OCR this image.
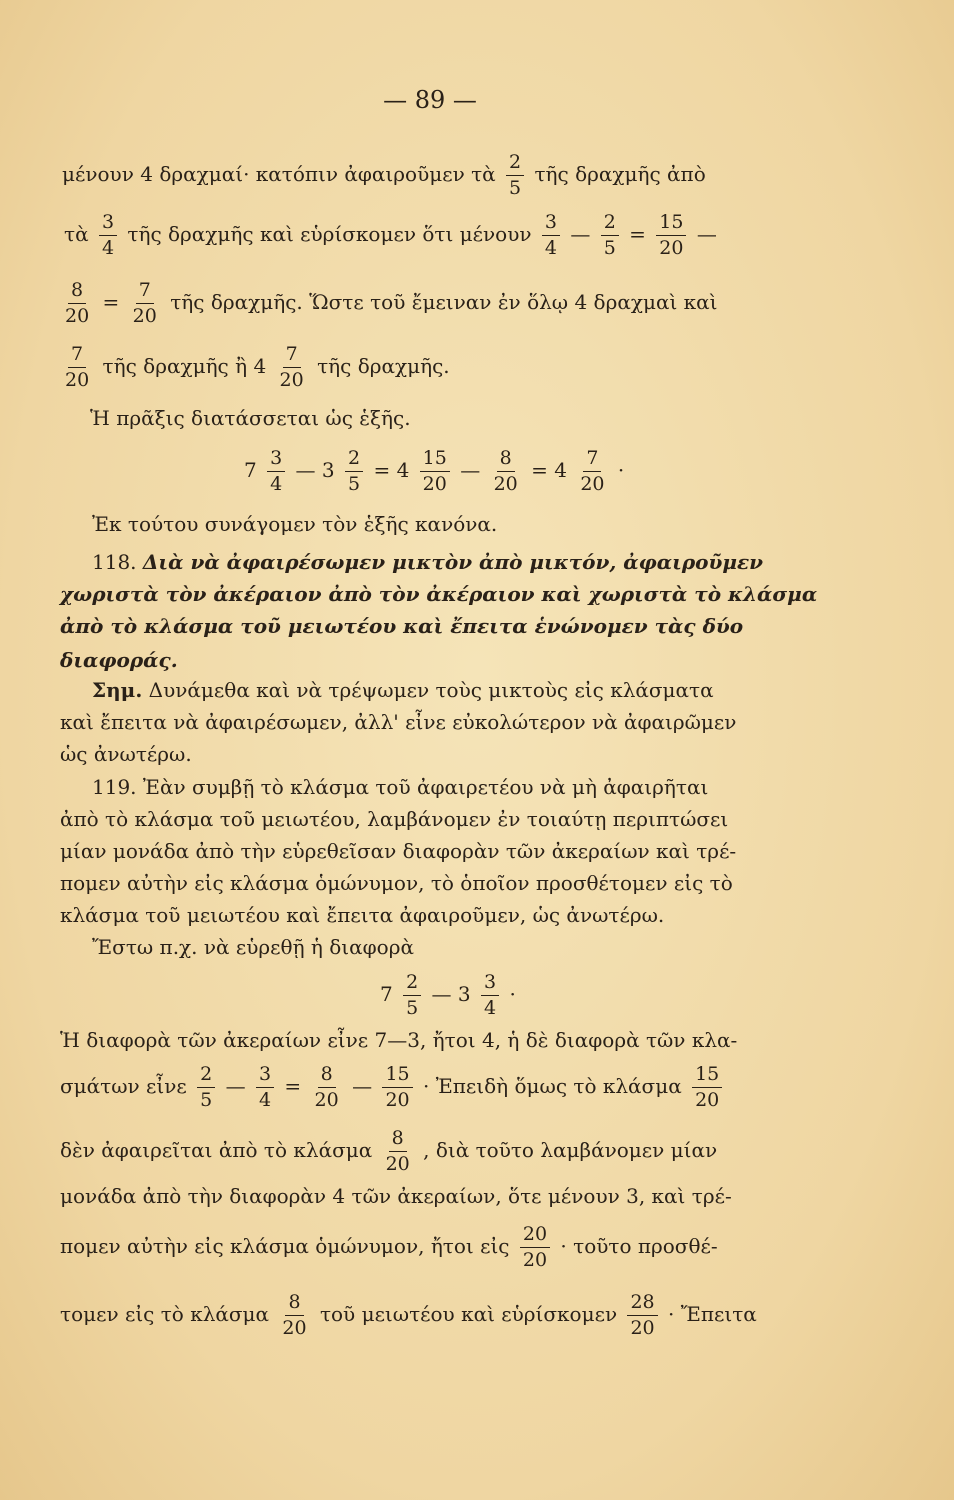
— 89 —
μένουν 4 δραχμαί· κατόπιν ἀφαιροῦμεν τὰ $\frac{2}{5}$ τῆς δραχμῆς ἀπὸ
τὰ $\frac{3}{4}$ τῆς δραχμῆς καὶ εὑρίσκομεν ὅτι μένουν $\frac{3}{4}$ — $\frac{2}{5} = \frac{15}{20}$ —
$\frac{8}{20} = \frac{7}{20}$ τῆς δραχμῆς. Ὥστε τοῦ ἔμειναν ἐν ὅλῳ 4 δραχμαὶ καὶ
$\frac{7}{20}$ τῆς δραχμῆς ἢ $4 \frac{7}{20}$ τῆς δραχμῆς.
Ἡ πρᾶξις διατάσσεται ὡς ἑξῆς.
$7 \frac{3}{4}$ — $3 \frac{2}{5} = 4 \frac{15}{20}$ — $\frac{8}{20} = 4 \frac{7}{20}$ ·
Ἐκ τούτου συνάγομεν τὸν ἑξῆς κανόνα.
118. Διὰ νὰ ἀφαιρέσωμεν μικτὸν ἀπὸ μικτόν, ἀφαιροῦμεν
χωριστὰ τὸν ἀκέραιον ἀπὸ τὸν ἀκέραιον καὶ χωριστὰ τὸ κλάσμα
ἀπὸ τὸ κλάσμα τοῦ μειωτέου καὶ ἔπειτα ἑνώνομεν τὰς δύο
διαφοράς.
Σημ. Δυνάμεθα καὶ νὰ τρέψωμεν τοὺς μικτοὺς εἰς κλάσματα
καὶ ἔπειτα νὰ ἀφαιρέσωμεν, ἀλλ' εἶνε εὐκολώτερον νὰ ἀφαιρῶμεν
ὡς ἀνωτέρω.
119. Ἐὰν συμβῇ τὸ κλάσμα τοῦ ἀφαιρετέου νὰ μὴ ἀφαιρῆται
ἀπὸ τὸ κλάσμα τοῦ μειωτέου, λαμβάνομεν ἐν τοιαύτῃ περιπτώσει
μίαν μονάδα ἀπὸ τὴν εὑρεθεῖσαν διαφορὰν τῶν ἀκεραίων καὶ τρέ-
πομεν αὐτὴν εἰς κλάσμα ὁμώνυμον, τὸ ὁποῖον προσθέτομεν εἰς τὸ
κλάσμα τοῦ μειωτέου καὶ ἔπειτα ἀφαιροῦμεν, ὡς ἀνωτέρω.
Ἔστω π.χ. νὰ εὑρεθῇ ἡ διαφορὰ
$7 \frac{2}{5}$ — $3 \frac{3}{4}$ ·
Ἡ διαφορὰ τῶν ἀκεραίων εἶνε 7—3, ἤτοι 4, ἡ δὲ διαφορὰ τῶν κλα-
σμάτων εἶνε $\frac{2}{5}$ — $\frac{3}{4} = \frac{8}{20}$ — $\frac{15}{20}$ · Ἐπειδὴ ὅμως τὸ κλάσμα $\frac{15}{20}$
δὲν ἀφαιρεῖται ἀπὸ τὸ κλάσμα $\frac{8}{20}$ , διὰ τοῦτο λαμβάνομεν μίαν
μονάδα ἀπὸ τὴν διαφορὰν 4 τῶν ἀκεραίων, ὅτε μένουν 3, καὶ τρέ-
πομεν αὐτὴν εἰς κλάσμα ὁμώνυμον, ἤτοι εἰς $\frac{20}{20}$ · τοῦτο προσθέ-
τομεν εἰς τὸ κλάσμα $\frac{8}{20}$ τοῦ μειωτέου καὶ εὑρίσκομεν $\frac{28}{20}$ · Ἔπειτα
